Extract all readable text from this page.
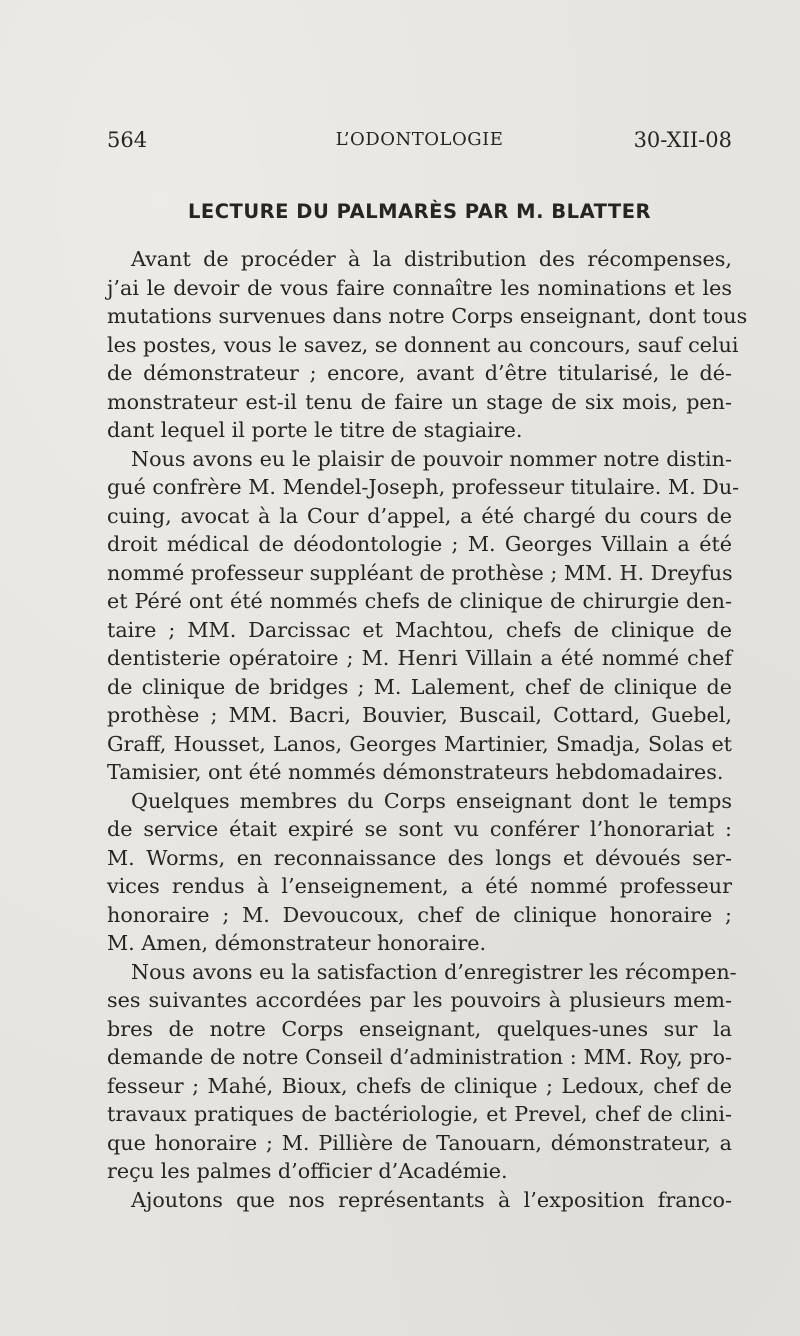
564	L’ODONTOLOGIE	30-XII-08
LECTURE DU PALMARÈS PAR M. BLATTER
Avant de procéder à la distribution des récompenses,
j’ai le devoir de vous faire connaître les nominations et les
mutations survenues dans notre Corps enseignant, dont tous
les postes, vous le savez, se donnent au concours, sauf celui
de démonstrateur ; encore, avant d’être titularisé, le dé-
monstrateur est-il tenu de faire un stage de six mois, pen-
dant lequel il porte le titre de stagiaire.
Nous avons eu le plaisir de pouvoir nommer notre distin-
gué confrère M. Mendel-Joseph, professeur titulaire. M. Du-
cuing, avocat à la Cour d’appel, a été chargé du cours de
droit médical de déodontologie ; M. Georges Villain a été
nommé professeur suppléant de prothèse ; MM. H. Dreyfus
et Péré ont été nommés chefs de clinique de chirurgie den-
taire ; MM. Darcissac et Machtou, chefs de clinique de
dentisterie opératoire ; M. Henri Villain a été nommé chef
de clinique de bridges ; M. Lalement, chef de clinique de
prothèse ; MM. Bacri, Bouvier, Buscail, Cottard, Guebel,
Graff, Housset, Lanos, Georges Martinier, Smadja, Solas et
Tamisier, ont été nommés démonstrateurs hebdomadaires.
Quelques membres du Corps enseignant dont le temps
de service était expiré se sont vu conférer l’honorariat :
M. Worms, en reconnaissance des longs et dévoués ser-
vices rendus à l’enseignement, a été nommé professeur
honoraire ; M. Devoucoux, chef de clinique honoraire ;
M. Amen, démonstrateur honoraire.
Nous avons eu la satisfaction d’enregistrer les récompen-
ses suivantes accordées par les pouvoirs à plusieurs mem-
bres de notre Corps enseignant, quelques-unes sur la
demande de notre Conseil d’administration : MM. Roy, pro-
fesseur ; Mahé, Bioux, chefs de clinique ; Ledoux, chef de
travaux pratiques de bactériologie, et Prevel, chef de clini-
que honoraire ; M. Pillière de Tanouarn, démonstrateur, a
reçu les palmes d’officier d’Académie.
Ajoutons que nos représentants à l’exposition franco-
